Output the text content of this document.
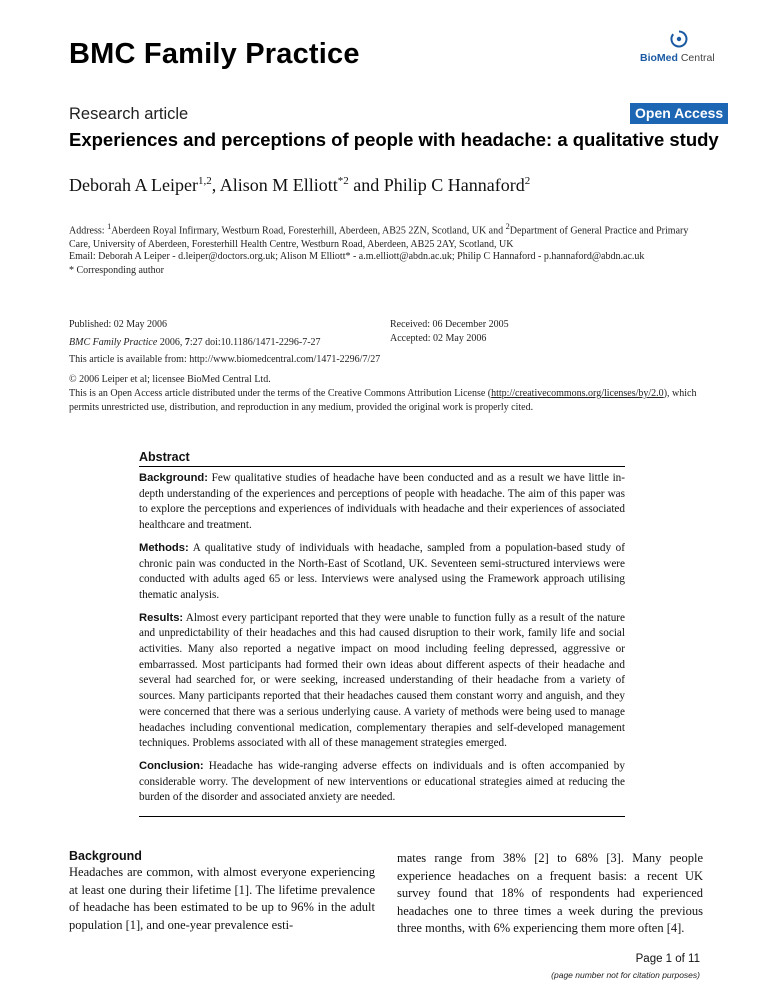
BMC Family Practice	BioMed Central
Research article	Open Access
Experiences and perceptions of people with headache: a qualitative study
Deborah A Leiper$^{1,2}$, Alison M Elliott$^{*2}$ and Philip C Hannaford$^2$
Address: $^1$Aberdeen Royal Infirmary, Westburn Road, Foresterhill, Aberdeen, AB25 2ZN, Scotland, UK and $^2$Department of General Practice and Primary Care, University of Aberdeen, Foresterhill Health Centre, Westburn Road, Aberdeen, AB25 2AY, Scotland, UK
Email: Deborah A Leiper - d.leiper@doctors.org.uk; Alison M Elliott* - a.m.elliott@abdn.ac.uk; Philip C Hannaford - p.hannaford@abdn.ac.uk
* Corresponding author
Published: 02 May 2006
BMC Family Practice 2006, 7:27 doi:10.1186/1471-2296-7-27
This article is available from: http://www.biomedcentral.com/1471-2296/7/27
Received: 06 December 2005
Accepted: 02 May 2006
© 2006 Leiper et al; licensee BioMed Central Ltd.
This is an Open Access article distributed under the terms of the Creative Commons Attribution License (http://creativecommons.org/licenses/by/2.0), which permits unrestricted use, distribution, and reproduction in any medium, provided the original work is properly cited.
Abstract
Background: Few qualitative studies of headache have been conducted and as a result we have little in-depth understanding of the experiences and perceptions of people with headache. The aim of this paper was to explore the perceptions and experiences of individuals with headache and their experiences of associated healthcare and treatment.
Methods: A qualitative study of individuals with headache, sampled from a population-based study of chronic pain was conducted in the North-East of Scotland, UK. Seventeen semi-structured interviews were conducted with adults aged 65 or less. Interviews were analysed using the Framework approach utilising thematic analysis.
Results: Almost every participant reported that they were unable to function fully as a result of the nature and unpredictability of their headaches and this had caused disruption to their work, family life and social activities. Many also reported a negative impact on mood including feeling depressed, aggressive or embarrassed. Most participants had formed their own ideas about different aspects of their headache and several had searched for, or were seeking, increased understanding of their headache from a variety of sources. Many participants reported that their headaches caused them constant worry and anguish, and they were concerned that there was a serious underlying cause. A variety of methods were being used to manage headaches including conventional medication, complementary therapies and self-developed management techniques. Problems associated with all of these management strategies emerged.
Conclusion: Headache has wide-ranging adverse effects on individuals and is often accompanied by considerable worry. The development of new interventions or educational strategies aimed at reducing the burden of the disorder and associated anxiety are needed.
Background
Headaches are common, with almost everyone experiencing at least one during their lifetime [1]. The lifetime prevalence of headache has been estimated to be up to 96% in the adult population [1], and one-year prevalence esti-
mates range from 38% [2] to 68% [3]. Many people experience headaches on a frequent basis: a recent UK survey found that 18% of respondents had experienced headaches one to three times a week during the previous three months, with 6% experiencing them more often [4].
Page 1 of 11
(page number not for citation purposes)
